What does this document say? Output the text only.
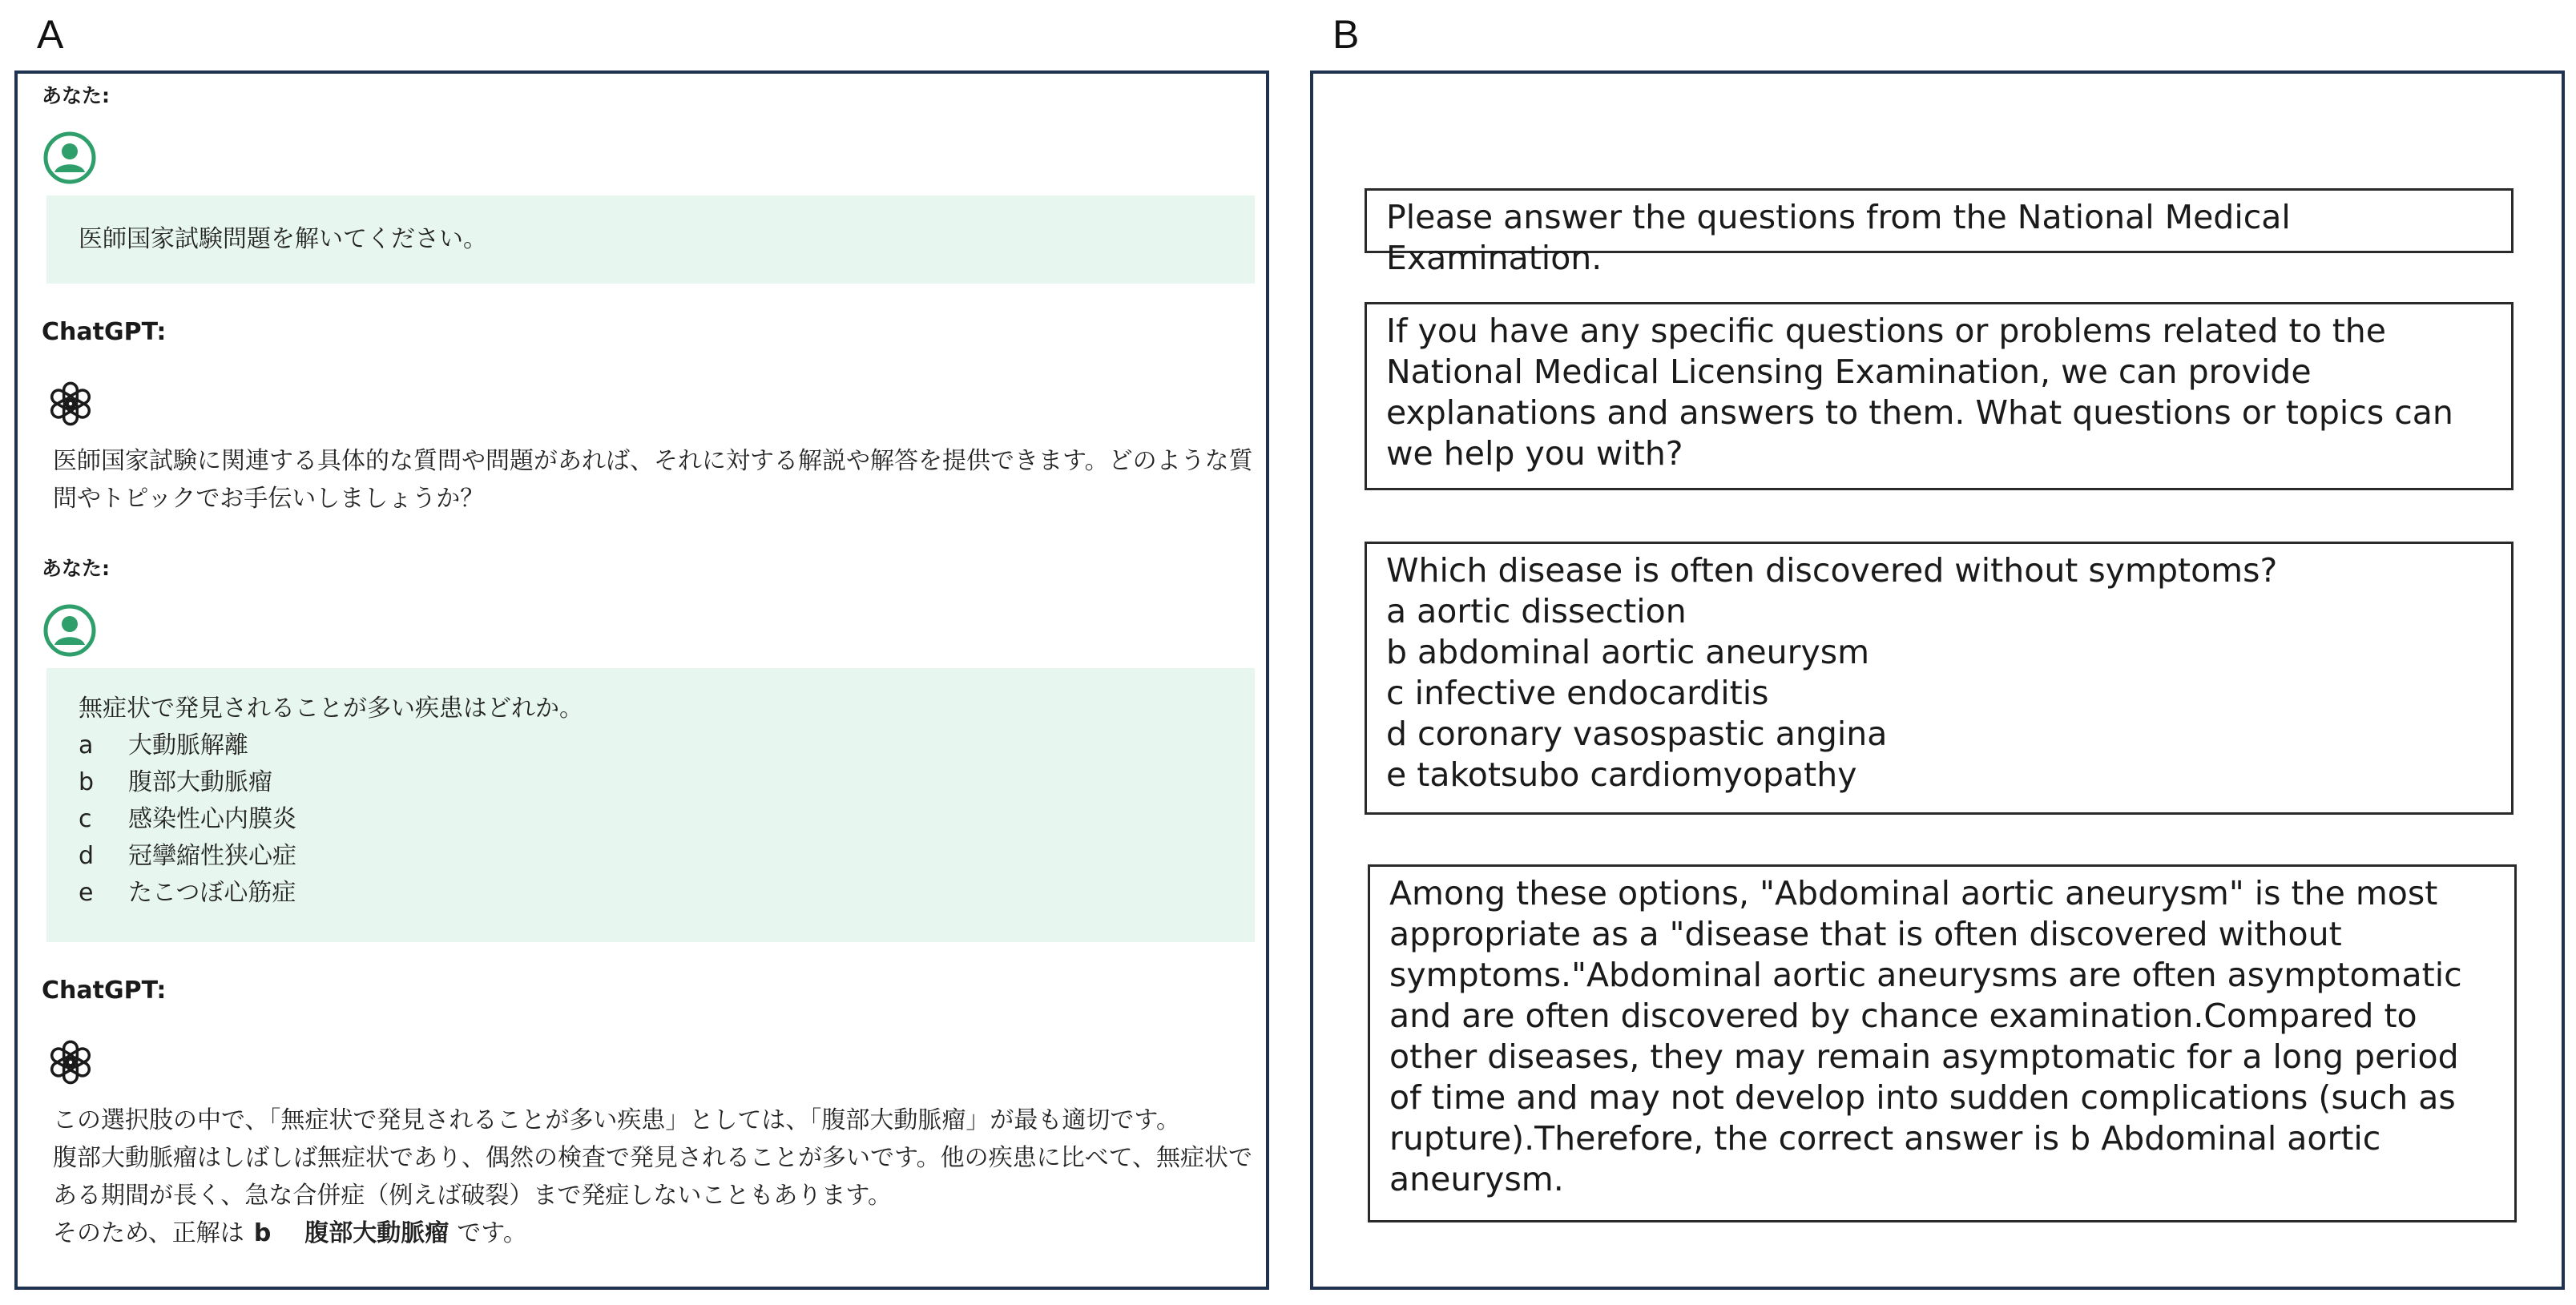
A	B
あなた:
医師国家試験問題を解いてください。
ChatGPT:

医師国家試験に関連する具体的な質問や問題があれば、それに対する解説や解答を提供できます。どのような質問やトピックでお手伝いしましょうか？

あなた:
無症状で発見されることが多い疾患はどれか。
a	大動脈解離
b	腹部大動脈瘤
c	感染性心内膜炎
d	冠攣縮性狭心症
e	たこつぼ心筋症
ChatGPT:

この選択肢の中で、「無症状で発見されることが多い疾患」としては、「腹部大動脈瘤」が最も適切です。

腹部大動脈瘤はしばしば無症状であり、偶然の検査で発見されることが多いです。他の疾患に比べて、無症状である期間が長く、急な合併症（例えば破裂）まで発症しないこともあります。

そのため、正解は b 腹部大動脈瘤 です。

Please answer the questions from the National Medical Examination.

If you have any specific questions or problems related to the National Medical Licensing Examination, we can provide explanations and answers to them. What questions or topics can we help you with?

Which disease is often discovered without symptoms?

a aortic dissection

b abdominal aortic aneurysm

c infective endocarditis

d coronary vasospastic angina

e takotsubo cardiomyopathy

Among these options, "Abdominal aortic aneurysm" is the most appropriate as a "disease that is often discovered without symptoms."Abdominal aortic aneurysms are often asymptomatic and are often discovered by chance examination.Compared to other diseases, they may remain asymptomatic for a long period of time and may not develop into sudden complications (such as rupture).Therefore, the correct answer is b Abdominal aortic aneurysm.
